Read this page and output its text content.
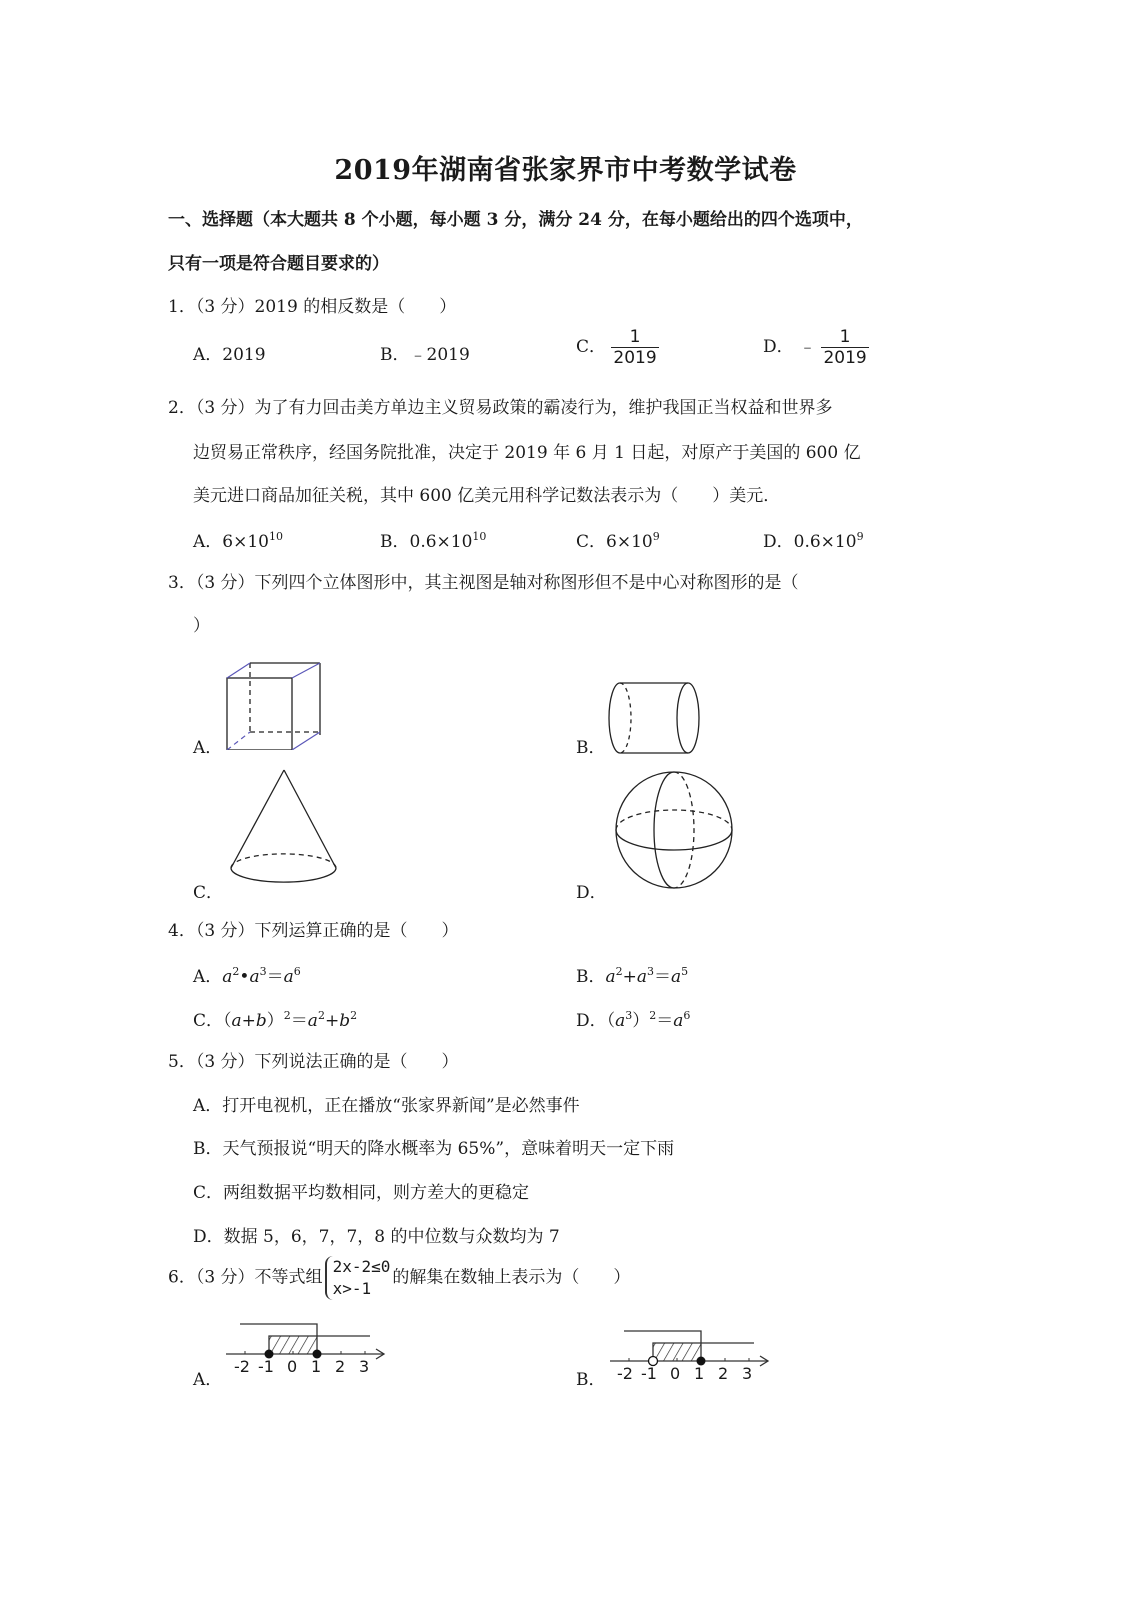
2019年湖南省张家界市中考数学试卷
一、选择题（本大题共 8 个小题，每小题 3 分，满分 24 分，在每小题给出的四个选项中，
只有一项是符合题目要求的）
1．（3 分）2019 的相反数是（　　）
A．2019	B．﹣2019	C． $\frac{1}{2019}$	D． ﹣ $\frac{1}{2019}$
2．（3 分）为了有力回击美方单边主义贸易政策的霸凌行为，维护我国正当权益和世界多
边贸易正常秩序，经国务院批准，决定于 2019 年 6 月 1 日起，对原产于美国的 600 亿
美元进口商品加征关税，其中 600 亿美元用科学记数法表示为（　　）美元．
A．$6\times 10^{10}$	B．$0.6\times 10^{10}$	C．$6\times 10^9$	D．$0.6\times 10^9$
3．（3 分）下列四个立体图形中，其主视图是轴对称图形但不是中心对称图形的是（
）
A．	B．
C．	D．
4．（3 分）下列运算正确的是（　　）
A．$a^2•a^3=a^6$	B．$a^2+a^3=a^5$
C．$(a+b)^2=a^2+b^2$	D．$(a^3)^2=a^6$
5．（3 分）下列说法正确的是（　　）
A．打开电视机，正在播放“张家界新闻”是必然事件
B．天气预报说“明天的降水概率为 65%”，意味着明天一定下雨
C．两组数据平均数相同，则方差大的更稳定
D．数据 5，6，7，7，8 的中位数与众数均为 7
6．（3 分）不等式组
2x-2≤0
x>-1
的解集在数轴上表示为（　　）
A．
-2 -1 0 1 2 3
B． -2 -1 0 1 2 3
